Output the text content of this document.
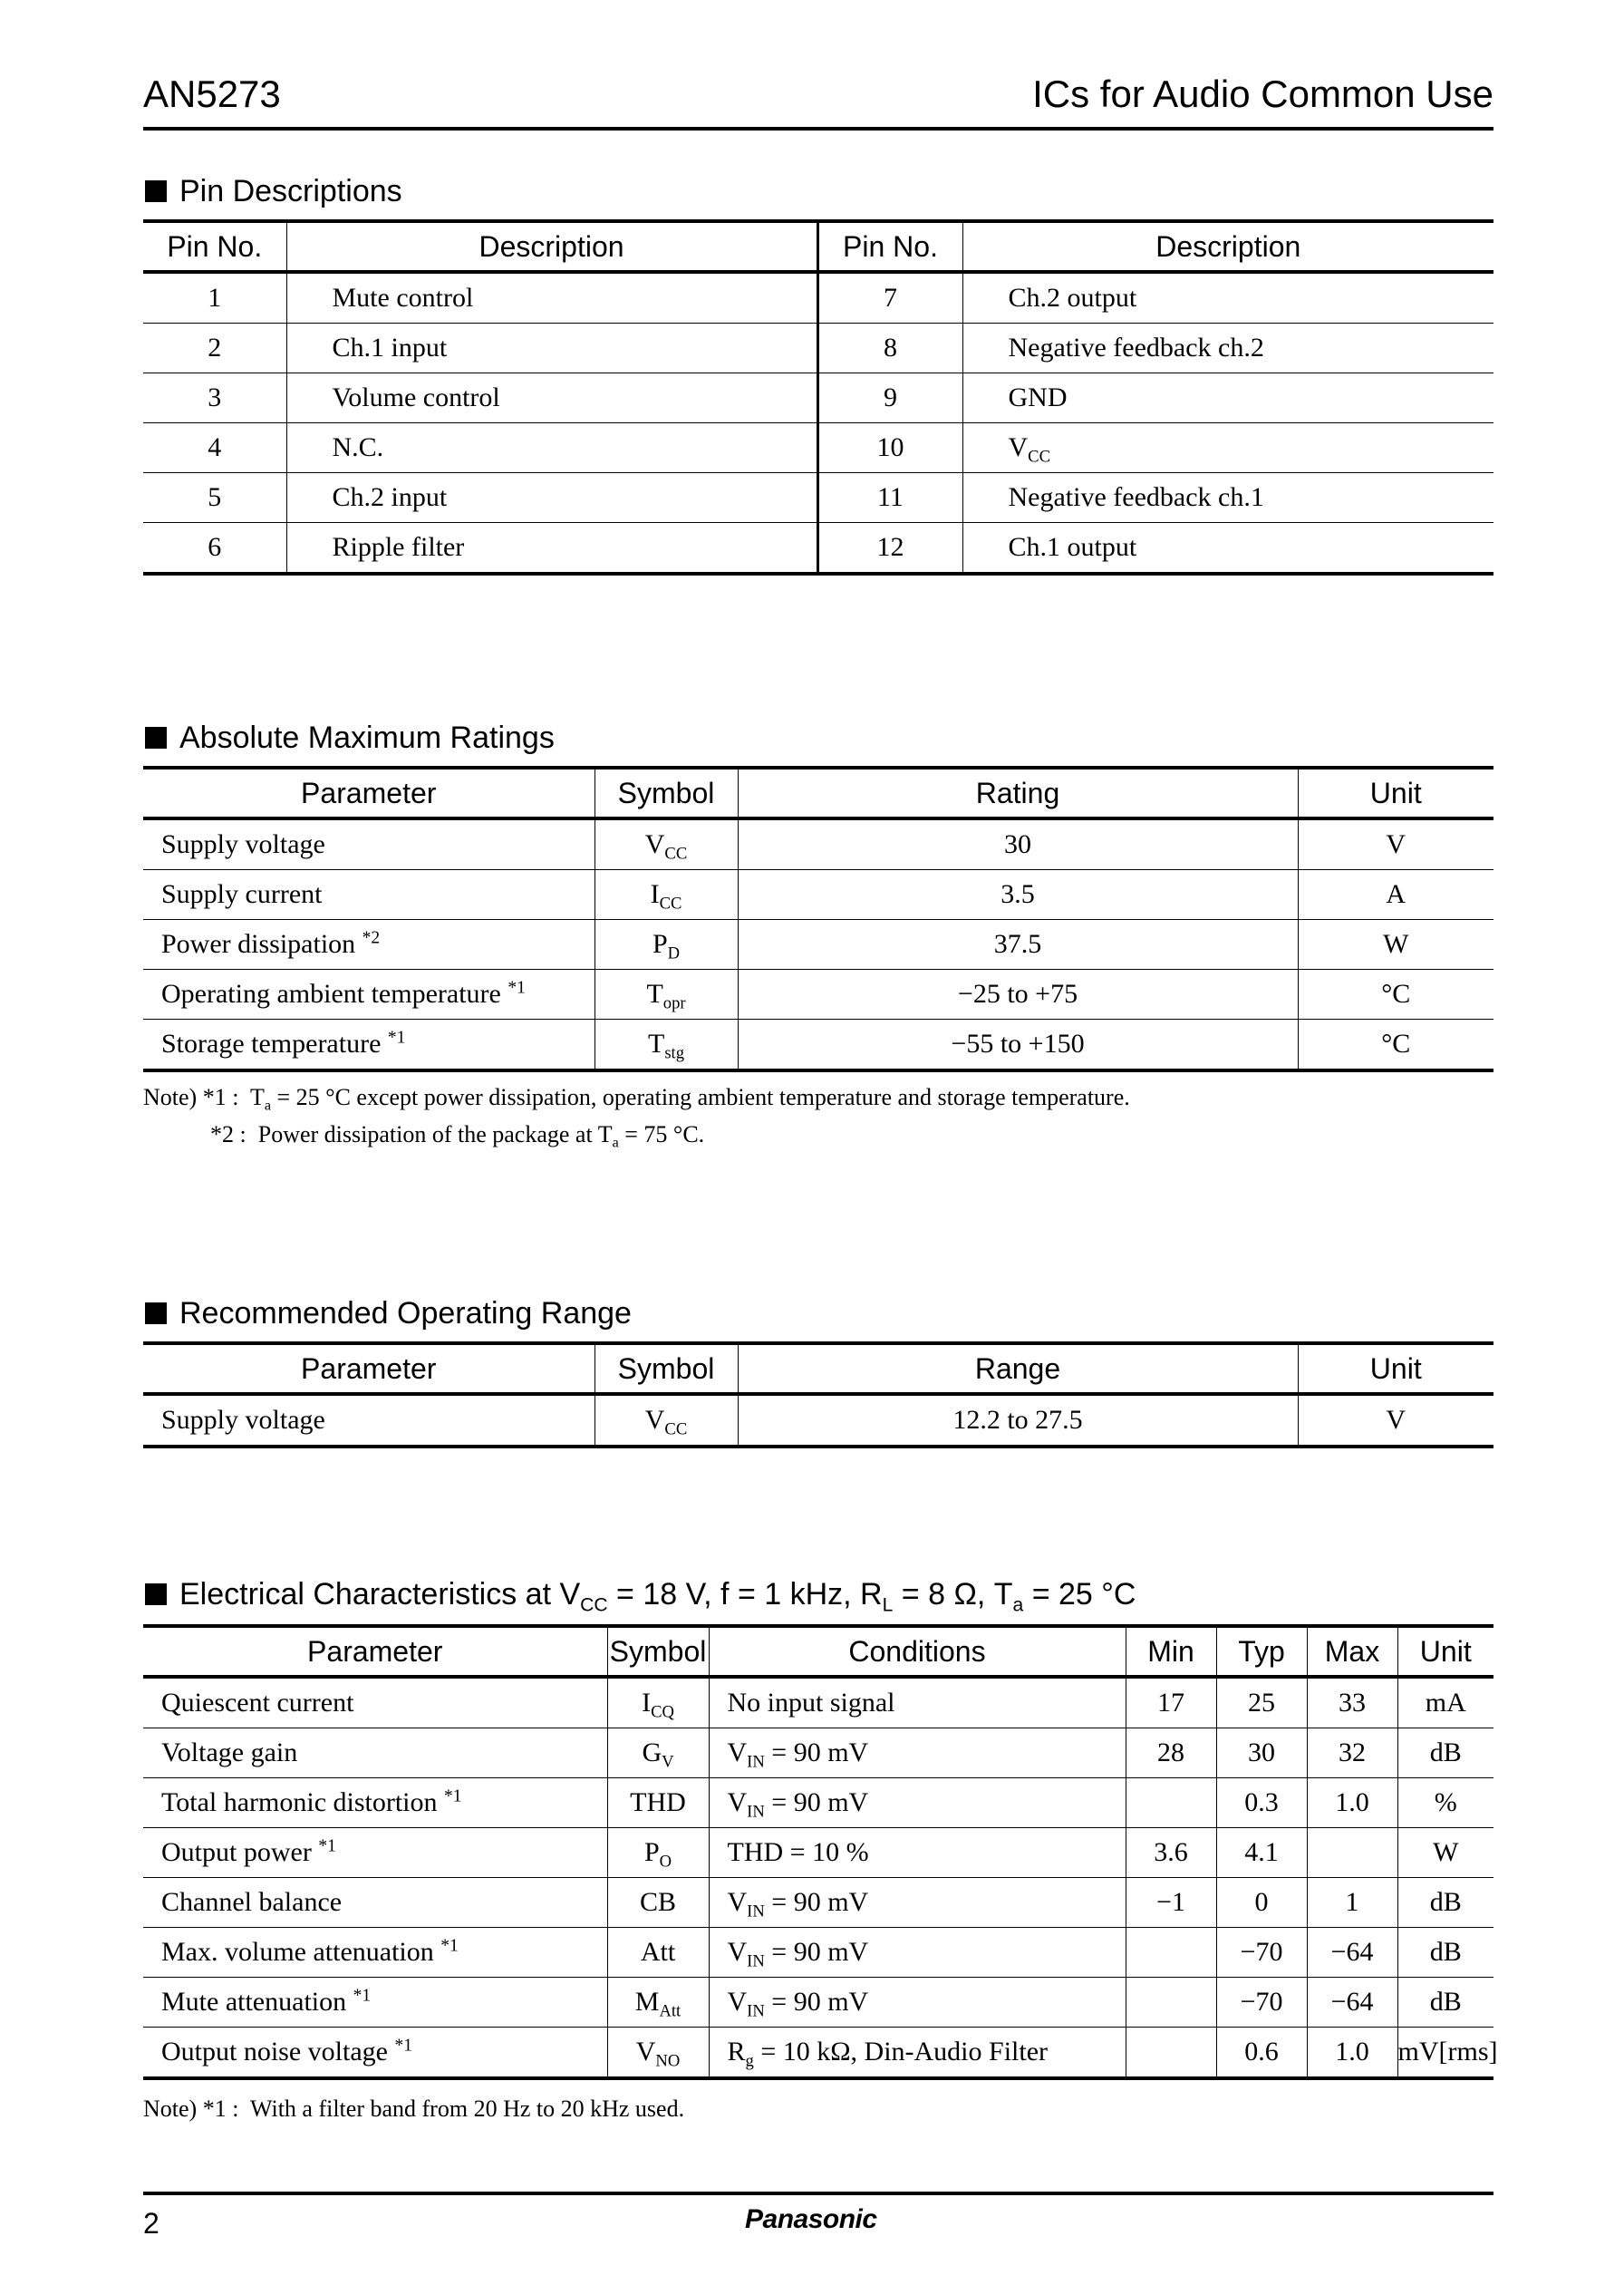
AN5273	ICs for Audio Common Use
Pin Descriptions
Pin No.	Description	Pin No.	Description
1	Mute control	7	Ch.2 output
2	Ch.1 input	8	Negative feedback ch.2
3	Volume control	9	GND
4	N.C.	10	$V_{CC}$
5	Ch.2 input	11	Negative feedback ch.1
6	Ripple filter	12	Ch.1 output
Absolute Maximum Ratings
Parameter	Symbol	Rating	Unit
Supply voltage	$V_{CC}$	30	V
Supply current	$I_{CC}$	3.5	A
Power dissipation $^{*2}$	$P_D$	37.5	W
Operating ambient temperature $^{*1}$	$T_{opr}$	−25 to +75	°C
Storage temperature $^{*1}$	$T_{stg}$	−55 to +150	°C
Note) *1 : $T_a = 25$ °C except power dissipation, operating ambient temperature and storage temperature.
*2 : Power dissipation of the package at $T_a = 75$ °C.
Recommended Operating Range
Parameter	Symbol	Range	Unit
Supply voltage	$V_{CC}$	12.2 to 27.5	V
Electrical Characteristics at $V_{CC} = 18$ V, f = 1 kHz, $R_L = 8$ Ω, $T_a = 25$ °C
Parameter	Symbol	Conditions	Min	Typ	Max	Unit
Quiescent current	$I_{CQ}$	No input signal	17	25	33	mA
Voltage gain	$G_V$	$V_{IN} = 90$ mV	28	30	32	dB
Total harmonic distortion $^{*1}$	THD	$V_{IN} = 90$ mV		0.3	1.0	%
Output power $^{*1}$	$P_O$	THD = 10 %	3.6	4.1		W
Channel balance	CB	$V_{IN} = 90$ mV	−1	0	1	dB
Max. volume attenuation $^{*1}$	Att	$V_{IN} = 90$ mV		−70	−64	dB
Mute attenuation $^{*1}$	$M_{Att}$	$V_{IN} = 90$ mV		−70	−64	dB
Output noise voltage $^{*1}$	$V_{NO}$	$R_g = 10$ kΩ, Din-Audio Filter		0.6	1.0	mV[rms]
Note) *1 : With a filter band from 20 Hz to 20 kHz used.
2	Panasonic
